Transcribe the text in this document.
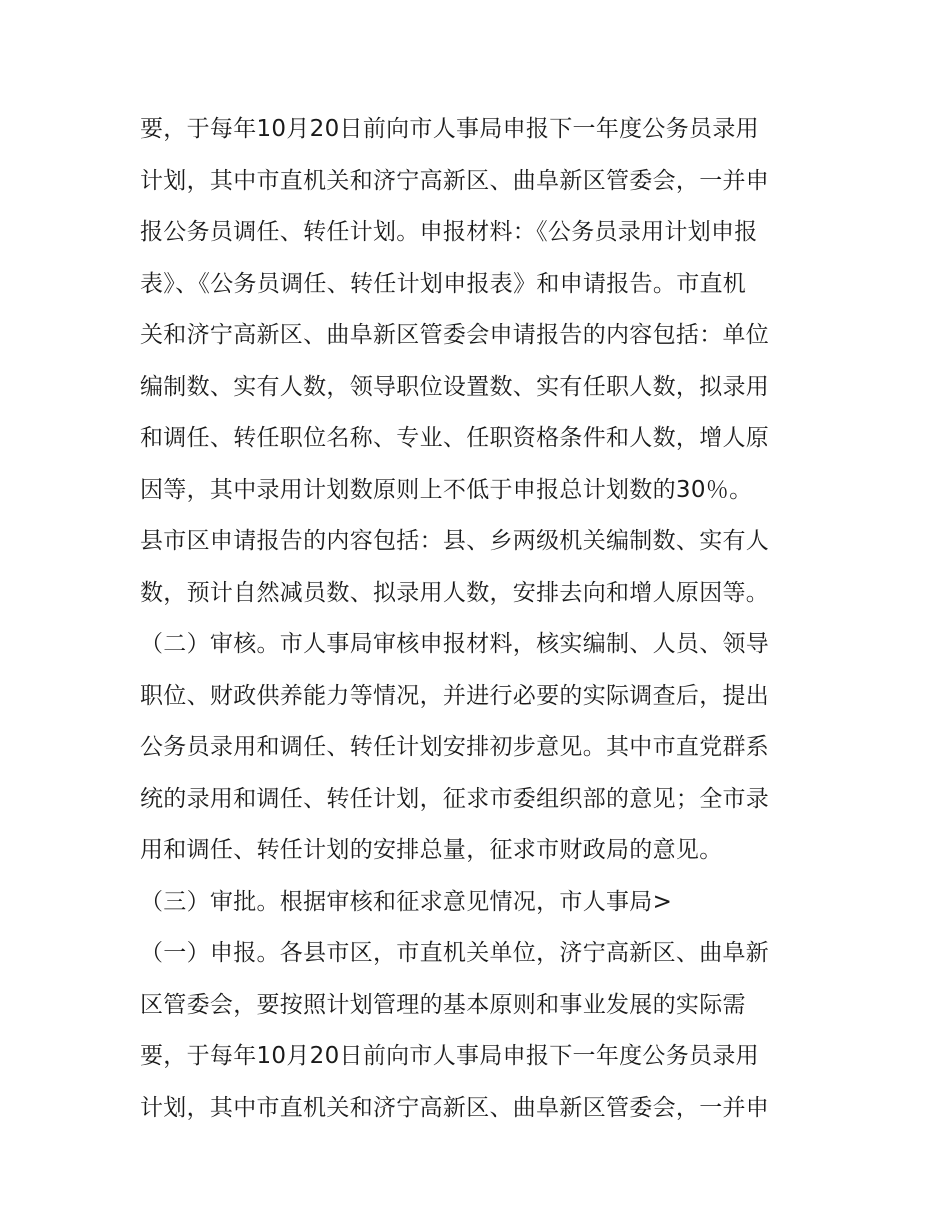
要，于每年10月20日前向市人事局申报下一年度公务员录用
计划，其中市直机关和济宁高新区、曲阜新区管委会，一并申
报公务员调任、转任计划。申报材料：《公务员录用计划申报
表》、《公务员调任、转任计划申报表》和申请报告。市直机
关和济宁高新区、曲阜新区管委会申请报告的内容包括：单位
编制数、实有人数，领导职位设置数、实有任职人数，拟录用
和调任、转任职位名称、专业、任职资格条件和人数，增人原
因等，其中录用计划数原则上不低于申报总计划数的30％。
县市区申请报告的内容包括：县、乡两级机关编制数、实有人
数，预计自然减员数、拟录用人数，安排去向和增人原因等。
（二）审核。市人事局审核申报材料，核实编制、人员、领导
职位、财政供养能力等情况，并进行必要的实际调查后，提出
公务员录用和调任、转任计划安排初步意见。其中市直党群系
统的录用和调任、转任计划，征求市委组织部的意见；全市录
用和调任、转任计划的安排总量，征求市财政局的意见。
（三）审批。根据审核和征求意见情况，市人事局>
（一）申报。各县市区，市直机关单位，济宁高新区、曲阜新
区管委会，要按照计划管理的基本原则和事业发展的实际需
要，于每年10月20日前向市人事局申报下一年度公务员录用
计划，其中市直机关和济宁高新区、曲阜新区管委会，一并申
